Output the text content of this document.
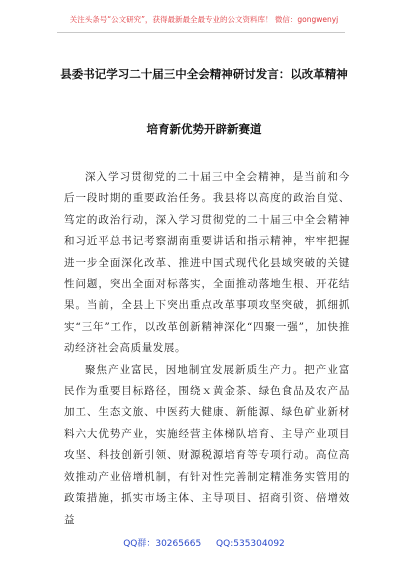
关注头条号“公文研究”，获得最新最全最专业的公文资料库！ 微信：gongwenyj
县委书记学习二十届三中全会精神研讨发言：以改革精神
培育新优势开辟新赛道

深入学习贯彻党的二十届三中全会精神，是当前和今后一段时期的重要政治任务。我县将以高度的政治自觉、笃定的政治行动，深入学习贯彻党的二十届三中全会精神和习近平总书记考察湖南重要讲话和指示精神，牢牢把握进一步全面深化改革、推进中国式现代化县域突破的关键性问题，突出全面对标落实，全面推动落地生根、开花结果。当前，全县上下突出重点改革事项攻坚突破，抓细抓实“三年”工作，以改革创新精神深化“四聚一强”，加快推动经济社会高质量发展。

聚焦产业富民，因地制宜发展新质生产力。把产业富民作为重要目标路径，围绕ｘ黄金茶、绿色食品及农产品加工、生态文旅、中医药大健康、新能源、绿色矿业新材料六大优势产业，实施经营主体梯队培育、主导产业项目攻坚、科技创新引领、财源税源培育等专项行动。高位高效推动产业倍增机制，有针对性完善制定精准务实管用的政策措施，抓实市场主体、主导项目、招商引资、倍增效益

QQ群：30265665 QQ:535304092
